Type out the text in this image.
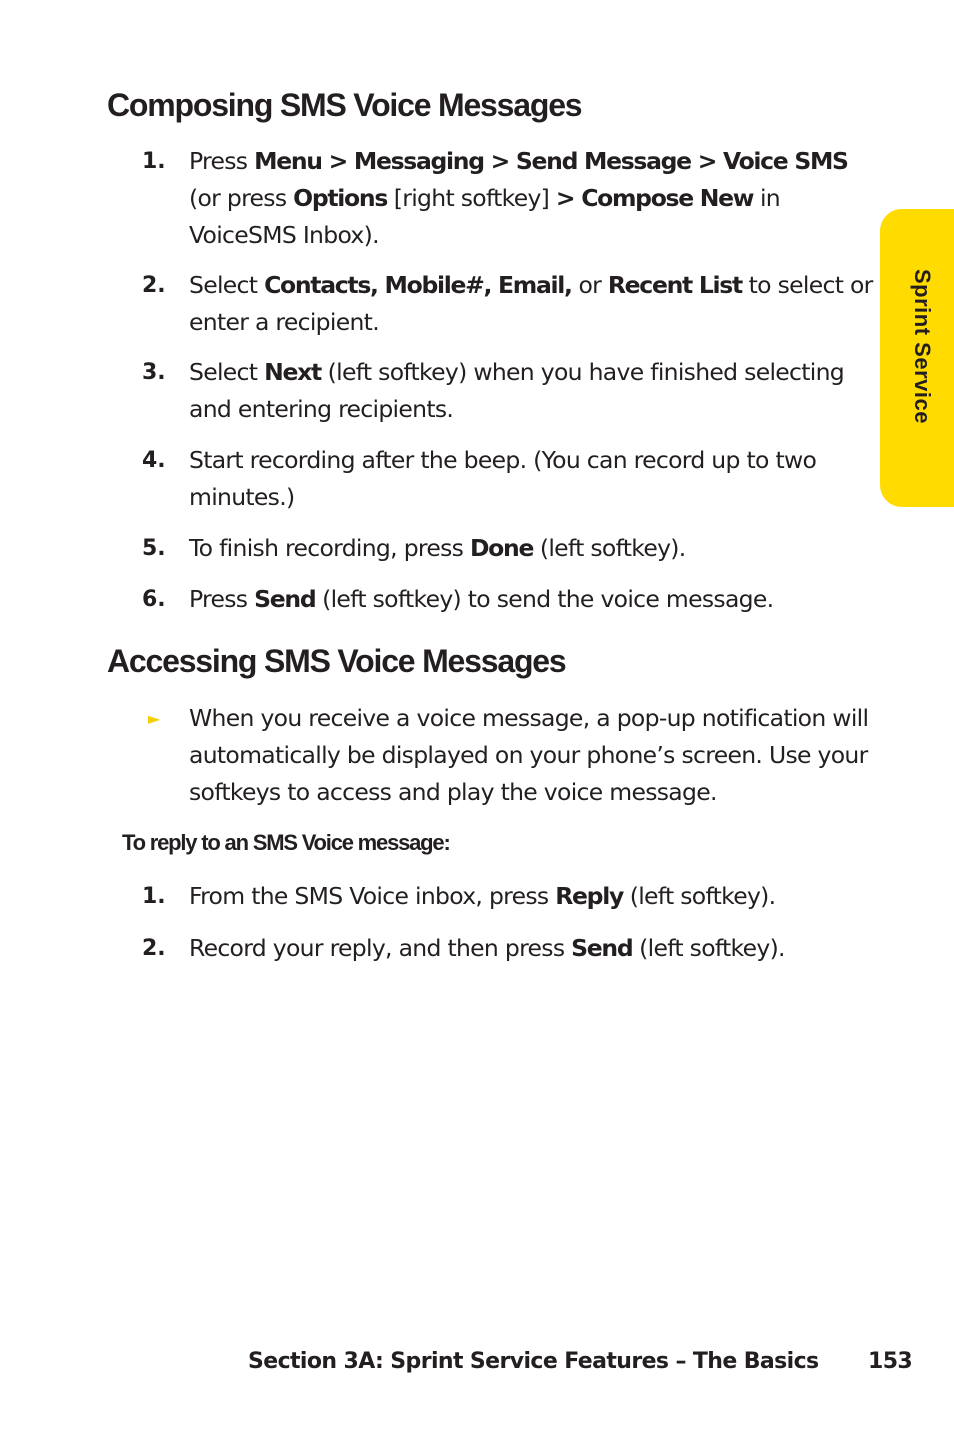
Sprint Service
Composing SMS Voice Messages
1. Press Menu > Messaging > Send Message > Voice SMS (or press Options [right softkey] > Compose New in VoiceSMS Inbox).
2. Select Contacts, Mobile#, Email, or Recent List to select or enter a recipient.
3. Select Next (left softkey) when you have finished selecting and entering recipients.
4. Start recording after the beep. (You can record up to two minutes.)
5. To finish recording, press Done (left softkey).
6. Press Send (left softkey) to send the voice message.
Accessing SMS Voice Messages
► When you receive a voice message, a pop-up notification will automatically be displayed on your phone’s screen. Use your softkeys to access and play the voice message.
To reply to an SMS Voice message:
1. From the SMS Voice inbox, press Reply (left softkey).
2. Record your reply, and then press Send (left softkey).
Section 3A: Sprint Service Features – The Basics 153
